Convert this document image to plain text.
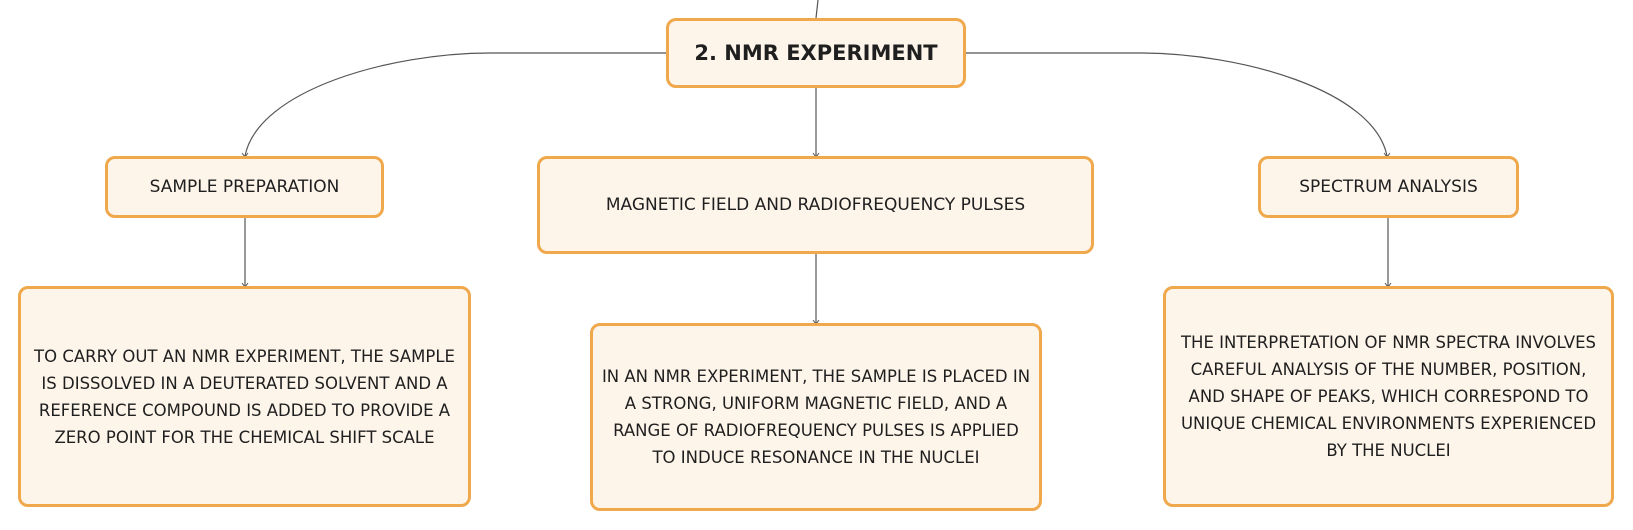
2. NMR EXPERIMENT
SAMPLE PREPARATION
MAGNETIC FIELD AND RADIOFREQUENCY PULSES
SPECTRUM ANALYSIS
TO CARRY OUT AN NMR EXPERIMENT, THE SAMPLE IS DISSOLVED IN A DEUTERATED SOLVENT AND A REFERENCE COMPOUND IS ADDED TO PROVIDE A ZERO POINT FOR THE CHEMICAL SHIFT SCALE
IN AN NMR EXPERIMENT, THE SAMPLE IS PLACED IN A STRONG, UNIFORM MAGNETIC FIELD, AND A RANGE OF RADIOFREQUENCY PULSES IS APPLIED TO INDUCE RESONANCE IN THE NUCLEI
THE INTERPRETATION OF NMR SPECTRA INVOLVES CAREFUL ANALYSIS OF THE NUMBER, POSITION, AND SHAPE OF PEAKS, WHICH CORRESPOND TO UNIQUE CHEMICAL ENVIRONMENTS EXPERIENCED BY THE NUCLEI
